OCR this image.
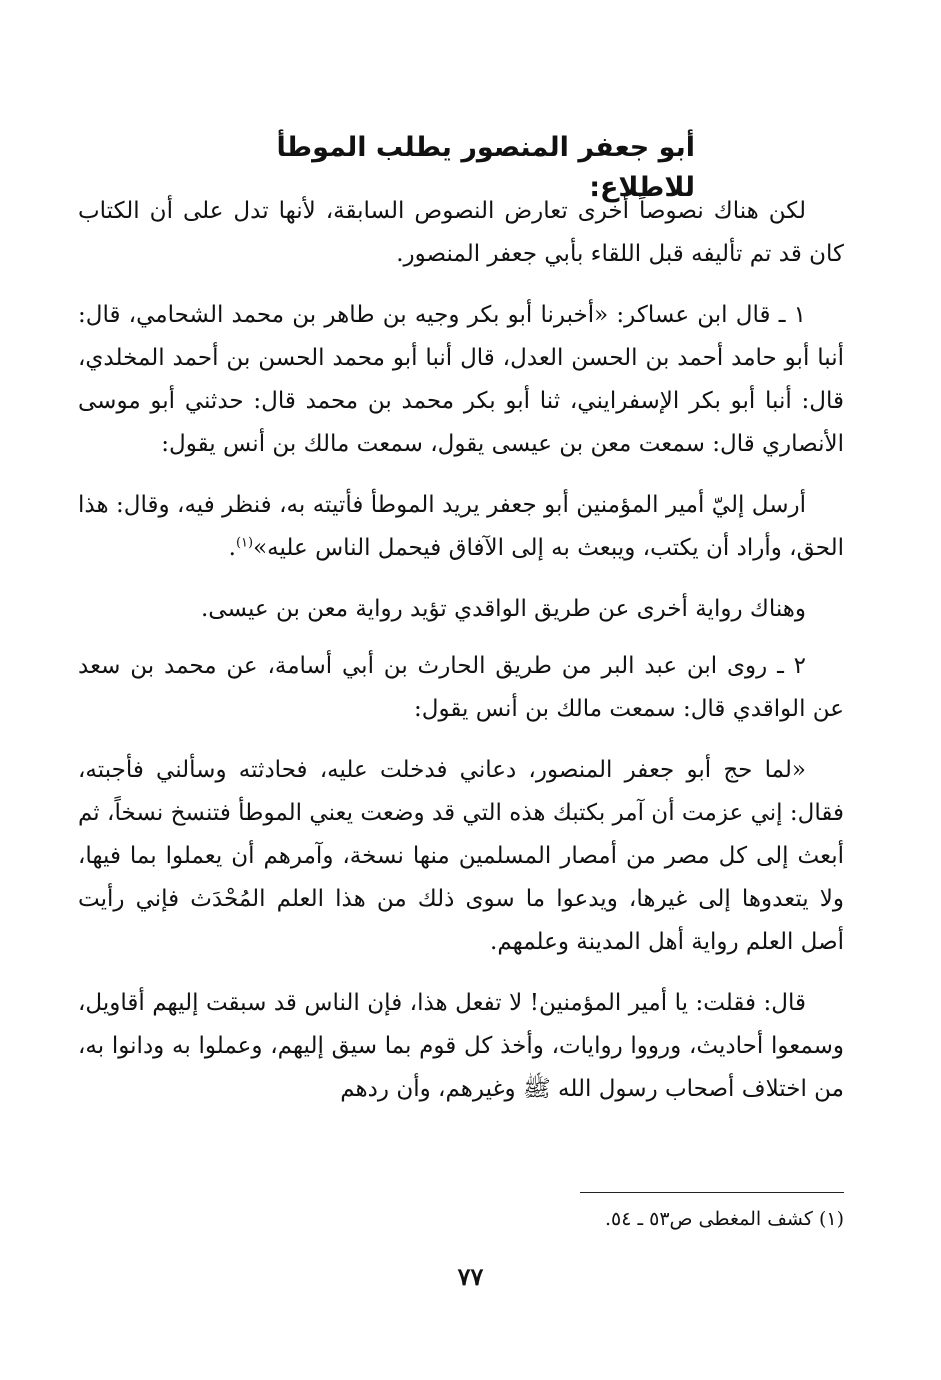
أبو جعفر المنصور يطلب الموطأ للاطلاع:

لكن هناك نصوصاً أخرى تعارض النصوص السابقة، لأنها تدل على أن الكتاب كان قد تم تأليفه قبل اللقاء بأبي جعفر المنصور.

١ ـ قال ابن عساكر: «أخبرنا أبو بكر وجيه بن طاهر بن محمد الشحامي، قال: أنبا أبو حامد أحمد بن الحسن العدل، قال أنبا أبو محمد الحسن بن أحمد المخلدي، قال: أنبا أبو بكر الإسفرايني، ثنا أبو بكر محمد بن محمد قال: حدثني أبو موسى الأنصاري قال: سمعت معن بن عيسى يقول، سمعت مالك بن أنس يقول:

أرسل إليّ أمير المؤمنين أبو جعفر يريد الموطأ فأتيته به، فنظر فيه، وقال: هذا الحق، وأراد أن يكتب، ويبعث به إلى الآفاق فيحمل الناس عليه»$^{(١)}$.

وهناك رواية أخرى عن طريق الواقدي تؤيد رواية معن بن عيسى.

٢ ـ روى ابن عبد البر من طريق الحارث بن أبي أسامة، عن محمد بن سعد عن الواقدي قال: سمعت مالك بن أنس يقول:

«لما حج أبو جعفر المنصور، دعاني فدخلت عليه، فحادثته وسألني فأجبته، فقال: إني عزمت أن آمر بكتبك هذه التي قد وضعت يعني الموطأ فتنسخ نسخاً، ثم أبعث إلى كل مصر من أمصار المسلمين منها نسخة، وآمرهم أن يعملوا بما فيها، ولا يتعدوها إلى غيرها، ويدعوا ما سوى ذلك من هذا العلم المُحْدَث فإني رأيت أصل العلم رواية أهل المدينة وعلمهم.

قال: فقلت: يا أمير المؤمنين! لا تفعل هذا، فإن الناس قد سبقت إليهم أقاويل، وسمعوا أحاديث، ورووا روايات، وأخذ كل قوم بما سيق إليهم، وعملوا به ودانوا به، من اختلاف أصحاب رسول الله ﷺ وغيرهم، وأن ردهم

(١) كشف المغطى ص٥٣ ـ ٥٤.
٧٧
